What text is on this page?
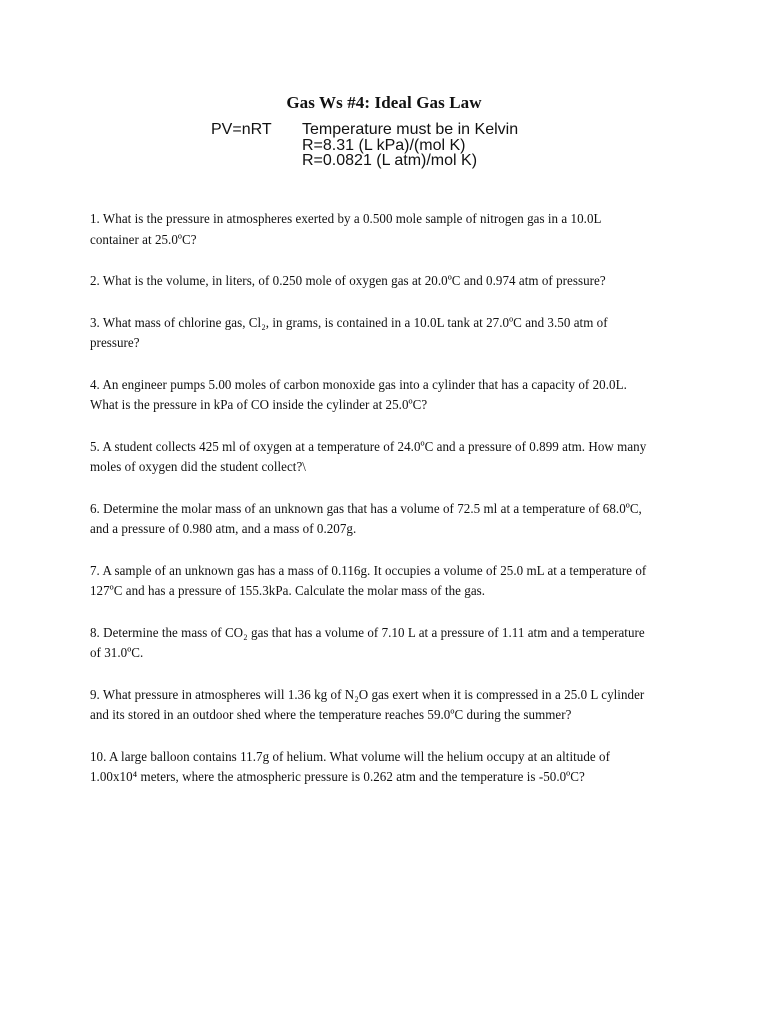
Gas Ws #4: Ideal Gas Law
PV=nRT	Temperature must be in Kelvin
R=8.31 (L kPa)/(mol K)
R=0.0821 (L atm)/mol K)
1. What is the pressure in atmospheres exerted by a 0.500 mole sample of nitrogen gas in a 10.0L container at 25.0ºC?
2. What is the volume, in liters, of 0.250 mole of oxygen gas at 20.0ºC and 0.974 atm of pressure?
3. What mass of chlorine gas, Cl₂, in grams, is contained in a 10.0L tank at 27.0ºC and 3.50 atm of pressure?
4. An engineer pumps 5.00 moles of carbon monoxide gas into a cylinder that has a capacity of 20.0L. What is the pressure in kPa of CO inside the cylinder at 25.0ºC?
5. A student collects 425 ml of oxygen at a temperature of 24.0ºC and a pressure of 0.899 atm. How many moles of oxygen did the student collect?\
6. Determine the molar mass of an unknown gas that has a volume of 72.5 ml at a temperature of 68.0ºC, and a pressure of 0.980 atm, and a mass of 0.207g.
7. A sample of an unknown gas has a mass of 0.116g. It occupies a volume of 25.0 mL at a temperature of 127ºC and has a pressure of 155.3kPa. Calculate the molar mass of the gas.
8. Determine the mass of CO₂ gas that has a volume of 7.10 L at a pressure of 1.11 atm and a temperature of 31.0ºC.
9. What pressure in atmospheres will 1.36 kg of N₂O gas exert when it is compressed in a 25.0 L cylinder and its stored in an outdoor shed where the temperature reaches 59.0ºC during the summer?
10. A large balloon contains 11.7g of helium. What volume will the helium occupy at an altitude of 1.00x10⁴ meters, where the atmospheric pressure is 0.262 atm and the temperature is -50.0ºC?
